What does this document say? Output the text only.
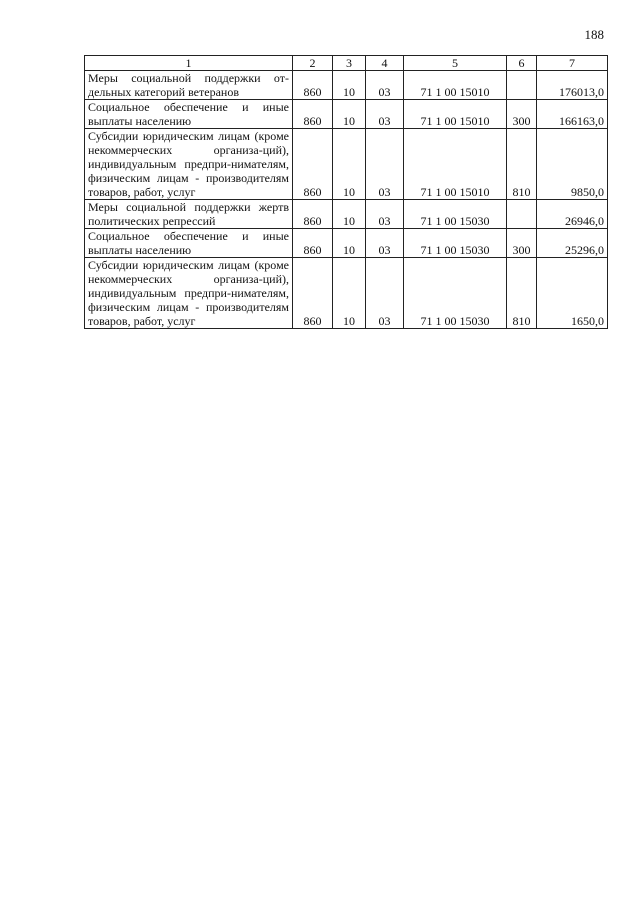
188
1	2	3	4	5	6	7
Меры социальной поддержки от-дельных категорий ветеранов	860	10	03	71 1 00 15010		176013,0
Социальное обеспечение и иные выплаты населению	860	10	03	71 1 00 15010	300	166163,0
Субсидии юридическим лицам (кроме некоммерческих организа-ций), индивидуальным предпри-нимателям, физическим лицам - производителям товаров, работ, услуг	860	10	03	71 1 00 15010	810	9850,0
Меры социальной поддержки жертв политических репрессий	860	10	03	71 1 00 15030		26946,0
Социальное обеспечение и иные выплаты населению	860	10	03	71 1 00 15030	300	25296,0
Субсидии юридическим лицам (кроме некоммерческих организа-ций), индивидуальным предпри-нимателям, физическим лицам - производителям товаров, работ, услуг	860	10	03	71 1 00 15030	810	1650,0
